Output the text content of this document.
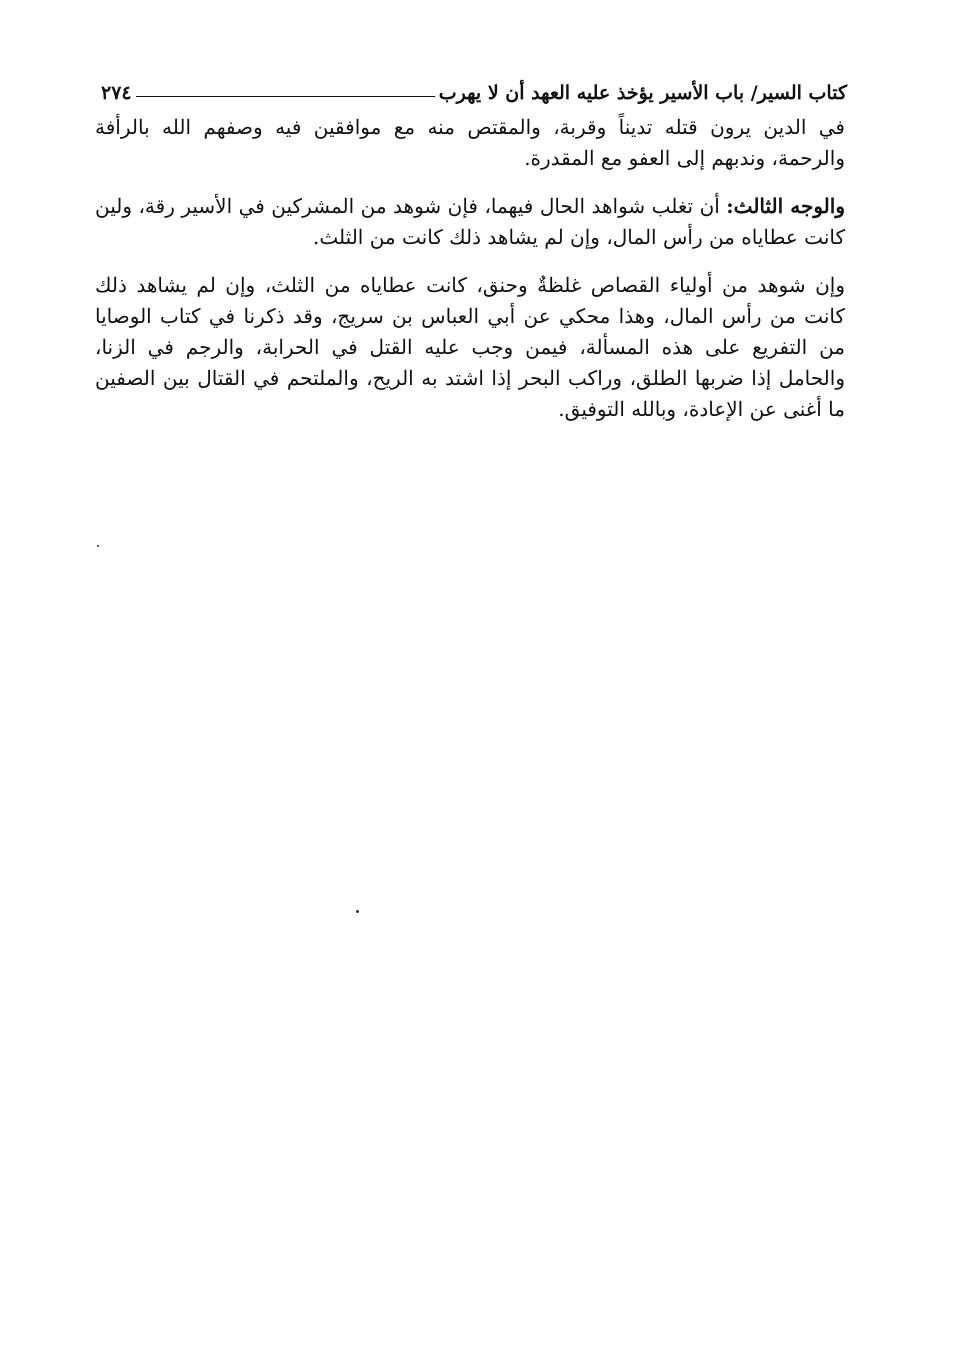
كتاب السير/ باب الأسير يؤخذ عليه العهد أن لا يهرب
٢٧٤

في الدين يرون قتله تديناً وقربة، والمقتص منه مع موافقين فيه وصفهم الله بالرأفة والرحمة، وندبهم إلى العفو مع المقدرة.

والوجه الثالث: أن تغلب شواهد الحال فيهما، فإن شوهد من المشركين في الأسير رقة، ولين كانت عطاياه من رأس المال، وإن لم يشاهد ذلك كانت من الثلث.

وإن شوهد من أولياء القصاص غلظةٌ وحنق، كانت عطاياه من الثلث، وإن لم يشاهد ذلك كانت من رأس المال، وهذا محكي عن أبي العباس بن سريج، وقد ذكرنا في كتاب الوصايا من التفريع على هذه المسألة، فيمن وجب عليه القتل في الحرابة، والرجم في الزنا، والحامل إذا ضربها الطلق، وراكب البحر إذا اشتد به الريح، والملتحم في القتال بين الصفين ما أغنى عن الإعادة، وبالله التوفيق.
